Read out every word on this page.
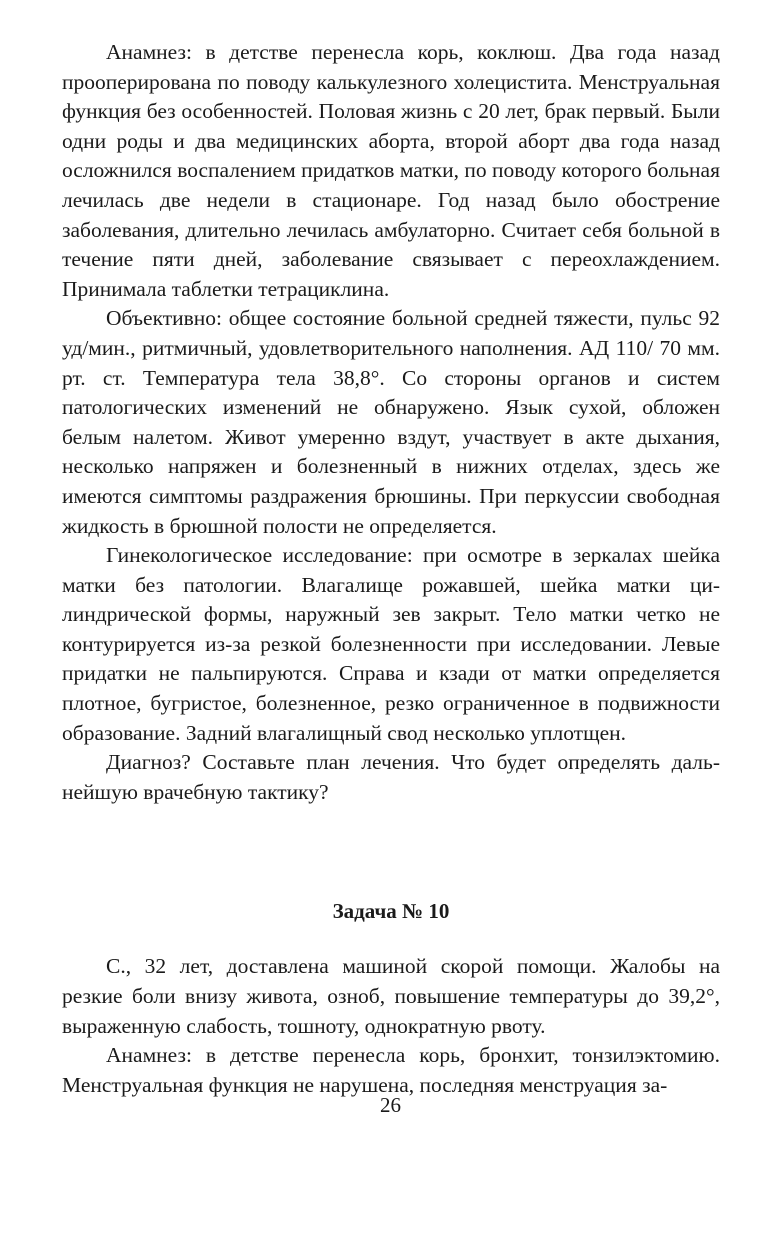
Анамнез: в детстве перенесла корь, коклюш. Два года назад прооперирована по поводу калькулезного холецистита. Менструальная функция без особенностей. Половая жизнь с 20 лет, брак первый. Были одни роды и два медицинских аборта, второй аборт два года назад осложнился воспалением придатков матки, по поводу которого больная лечилась две недели в стационаре. Год назад было обострение заболевания, длительно лечилась амбулаторно. Считает себя больной в течение пяти дней, заболевание связывает с переохлаждением. Принимала таблетки тетрациклина.

Объективно: общее состояние больной средней тяжести, пульс 92 уд/мин., ритмичный, удовлетворительного наполнения. АД 110/ 70 мм. рт. ст. Температура тела 38,8°. Со стороны органов и систем патологических изменений не обнаружено. Язык сухой, обложен белым налетом. Живот умеренно вздут, участвует в акте дыхания, несколько напряжен и болезненный в нижних отделах, здесь же имеются симптомы раздражения брюшины. При перкуссии свободная жидкость в брюшной полости не определяется.

Гинекологическое исследование: при осмотре в зеркалах шейка матки без патологии. Влагалище рожавшей, шейка матки цилиндрической формы, наружный зев закрыт. Тело матки четко не контурируется из-за резкой болезненности при исследовании. Левые придатки не пальпируются. Справа и кзади от матки определяется плотное, бугристое, болезненное, резко ограниченное в подвижности образование. Задний влагалищный свод несколько уплотщен.

Диагноз? Составьте план лечения. Что будет определять дальнейшую врачебную тактику?

Задача № 10

С., 32 лет, доставлена машиной скорой помощи. Жалобы на резкие боли внизу живота, озноб, повышение температуры до 39,2°, выраженную слабость, тошноту, однократную рвоту.

Анамнез: в детстве перенесла корь, бронхит, тонзилэктомию. Менструальная функция не нарушена, последняя менструация за-

26
